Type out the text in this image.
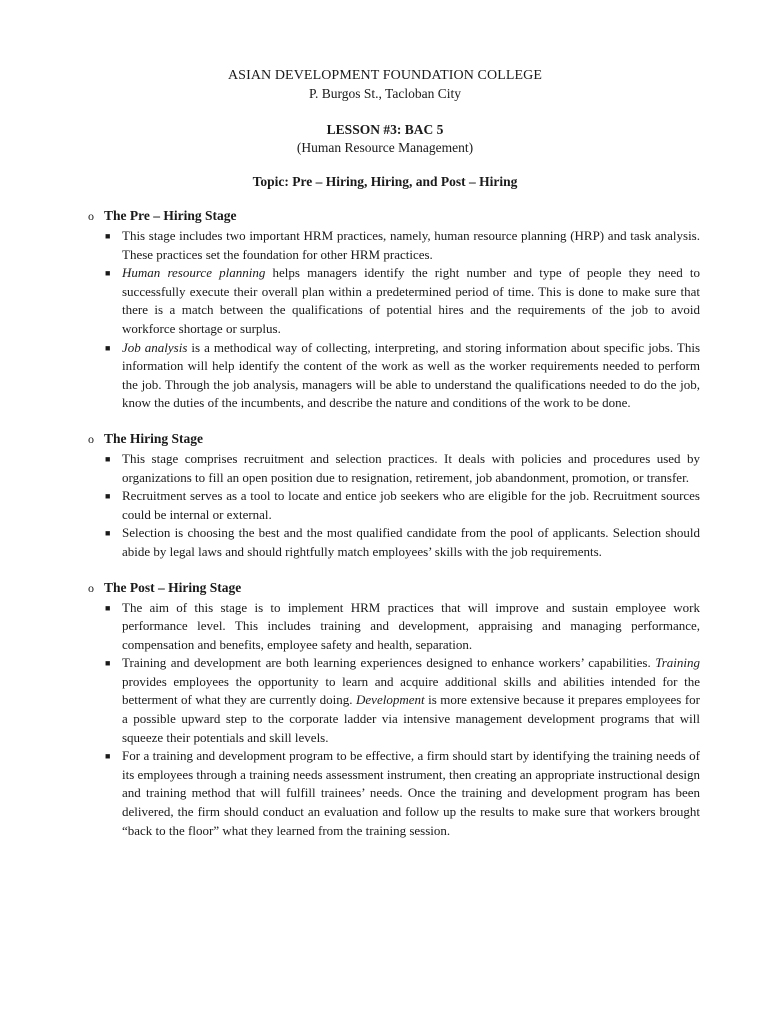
ASIAN DEVELOPMENT FOUNDATION COLLEGE
P. Burgos St., Tacloban City
LESSON #3: BAC 5
(Human Resource Management)
Topic: Pre – Hiring, Hiring, and Post – Hiring
o The Pre – Hiring Stage
■ This stage includes two important HRM practices, namely, human resource planning (HRP) and task analysis. These practices set the foundation for other HRM practices.
■ Human resource planning helps managers identify the right number and type of people they need to successfully execute their overall plan within a predetermined period of time. This is done to make sure that there is a match between the qualifications of potential hires and the requirements of the job to avoid workforce shortage or surplus.
■ Job analysis is a methodical way of collecting, interpreting, and storing information about specific jobs. This information will help identify the content of the work as well as the worker requirements needed to perform the job. Through the job analysis, managers will be able to understand the qualifications needed to do the job, know the duties of the incumbents, and describe the nature and conditions of the work to be done.
o The Hiring Stage
■ This stage comprises recruitment and selection practices. It deals with policies and procedures used by organizations to fill an open position due to resignation, retirement, job abandonment, promotion, or transfer.
■ Recruitment serves as a tool to locate and entice job seekers who are eligible for the job. Recruitment sources could be internal or external.
■ Selection is choosing the best and the most qualified candidate from the pool of applicants. Selection should abide by legal laws and should rightfully match employees’ skills with the job requirements.
o The Post – Hiring Stage
■ The aim of this stage is to implement HRM practices that will improve and sustain employee work performance level. This includes training and development, appraising and managing performance, compensation and benefits, employee safety and health, separation.
■ Training and development are both learning experiences designed to enhance workers’ capabilities. Training provides employees the opportunity to learn and acquire additional skills and abilities intended for the betterment of what they are currently doing. Development is more extensive because it prepares employees for a possible upward step to the corporate ladder via intensive management development programs that will squeeze their potentials and skill levels.
■ For a training and development program to be effective, a firm should start by identifying the training needs of its employees through a training needs assessment instrument, then creating an appropriate instructional design and training method that will fulfill trainees’ needs. Once the training and development program has been delivered, the firm should conduct an evaluation and follow up the results to make sure that workers brought “back to the floor” what they learned from the training session.
